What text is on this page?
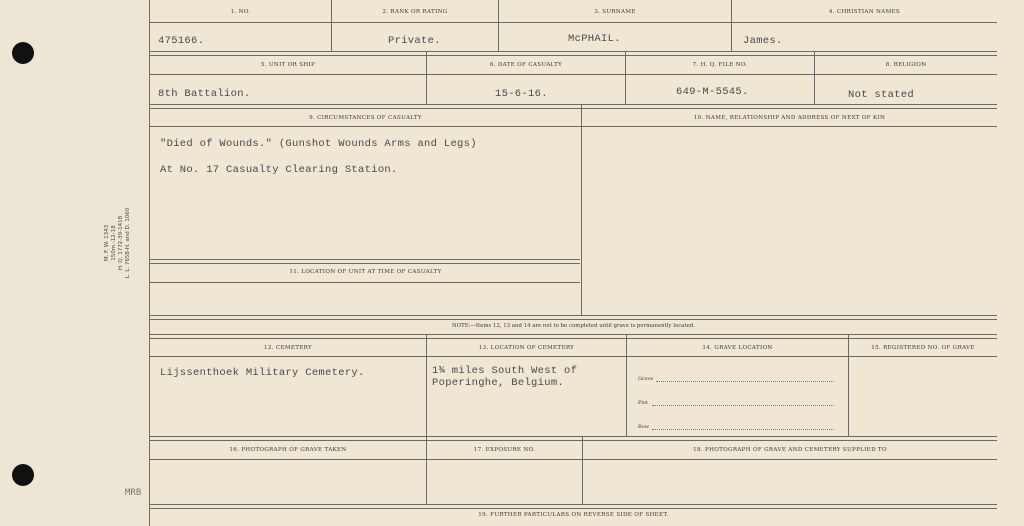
M. F. W. 1343 150m.-12-18 H. Q. 1772-39-1418 L. L. 7658-H. and D. 1060
MRB
1. NO.	2. RANK OR RATING	3. SURNAME	4. CHRISTIAN NAMES
5. UNIT OR SHIP	6. DATE OF CASUALTY	7. H. Q. FILE NO.	8. RELIGION
9. CIRCUMSTANCES OF CASUALTY	10. NAME, RELATIONSHIP AND ADDRESS OF NEXT OF KIN
11. LOCATION OF UNIT AT TIME OF CASUALTY
NOTE:—Items 12, 13 and 14 are not to be completed until grave is permanently located.
12. CEMETERY	13. LOCATION OF CEMETERY	14. GRAVE LOCATION	15. REGISTERED NO. OF GRAVE
16. PHOTOGRAPH OF GRAVE TAKEN	17. EXPOSURE NO.	18. PHOTOGRAPH OF GRAVE AND CEMETERY SUPPLIED TO
19. FURTHER PARTICULARS ON REVERSE SIDE OF SHEET.
Grave
Plot
Row
475166.	Private.	McPHAIL.	James.
8th Battalion.	15-6-16.	649-M-5545.	Not stated
"Died of Wounds." (Gunshot Wounds Arms and Legs)
At No. 17 Casualty Clearing Station.
Lijssenthoek Military Cemetery.	1¾ miles South West of
Poperinghe, Belgium.
